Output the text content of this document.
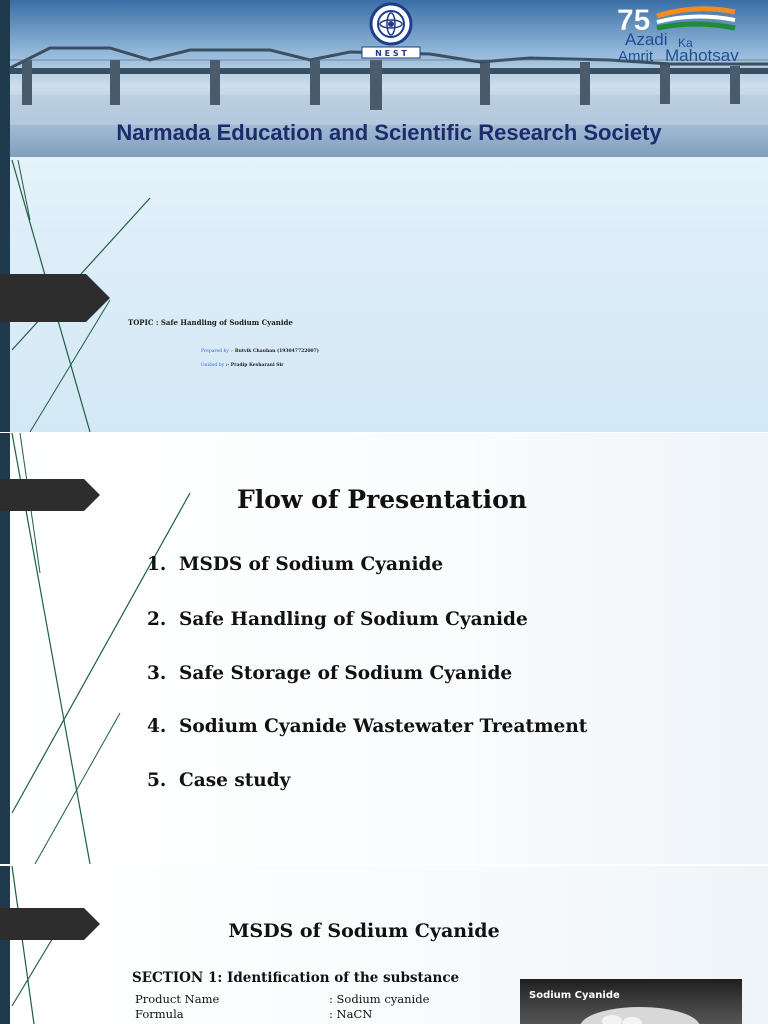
N E S T
75
Azadi Ka
Amrit Mahotsav
Narmada Education and Scientific Research Society
TOPIC : Safe Handling of Sodium Cyanide
Prepared by :- Rutvik Chauhan (193047722007)
Guided by :- Pradip Kesharani Sir
Flow of Presentation
1. MSDS of Sodium Cyanide
2. Safe Handling of Sodium Cyanide
3. Safe Storage of Sodium Cyanide
4. Sodium Cyanide Wastewater Treatment
5. Case study
MSDS of Sodium Cyanide
SECTION 1: Identification of the substance
Product Name	: Sodium cyanide
Formula	: NaCN
Sodium Cyanide
